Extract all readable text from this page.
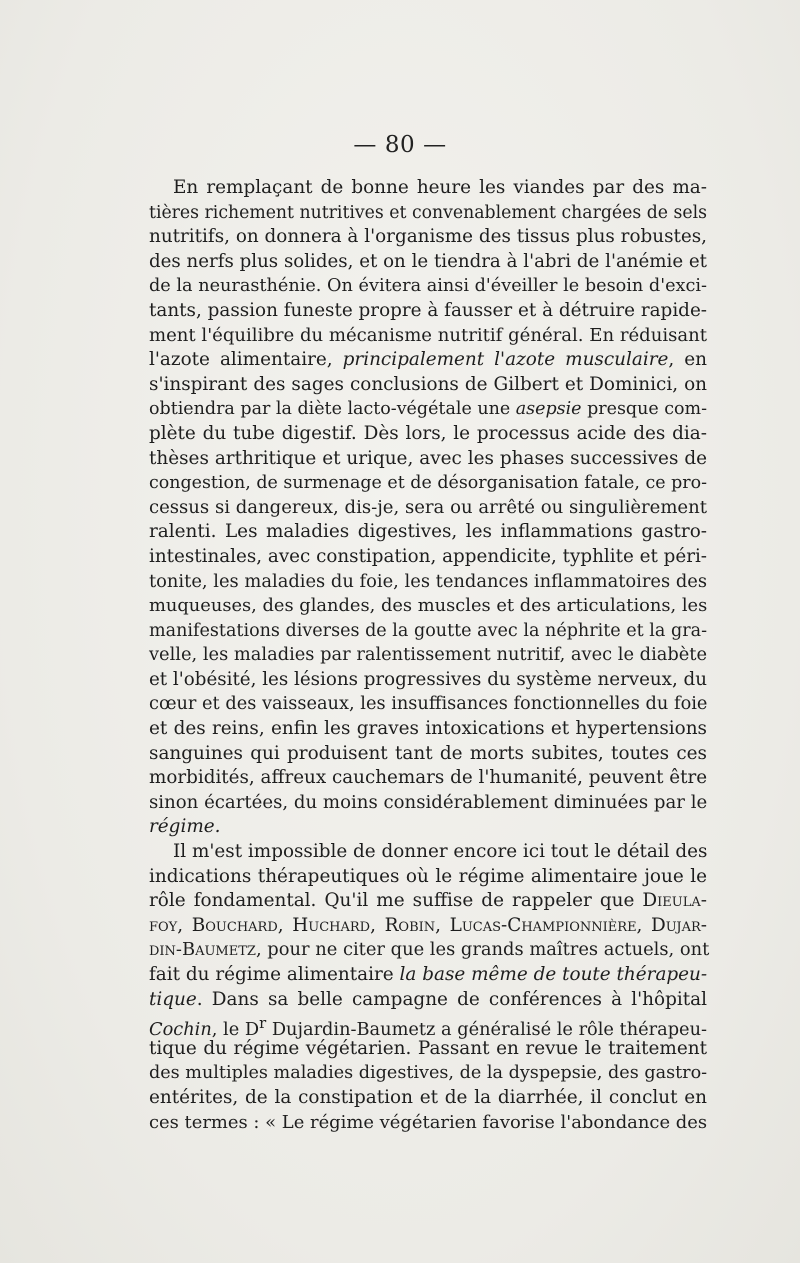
— 80 —
En remplaçant de bonne heure les viandes par des ma-
tières richement nutritives et convenablement chargées de sels
nutritifs, on donnera à l'organisme des tissus plus robustes,
des nerfs plus solides, et on le tiendra à l'abri de l'anémie et
de la neurasthénie. On évitera ainsi d'éveiller le besoin d'exci-
tants, passion funeste propre à fausser et à détruire rapide-
ment l'équilibre du mécanisme nutritif général. En réduisant
l'azote alimentaire, principalement l'azote musculaire, en
s'inspirant des sages conclusions de Gilbert et Dominici, on
obtiendra par la diète lacto-végétale une asepsie presque com-
plète du tube digestif. Dès lors, le processus acide des dia-
thèses arthritique et urique, avec les phases successives de
congestion, de surmenage et de désorganisation fatale, ce pro-
cessus si dangereux, dis-je, sera ou arrêté ou singulièrement
ralenti. Les maladies digestives, les inflammations gastro-
intestinales, avec constipation, appendicite, typhlite et péri-
tonite, les maladies du foie, les tendances inflammatoires des
muqueuses, des glandes, des muscles et des articulations, les
manifestations diverses de la goutte avec la néphrite et la gra-
velle, les maladies par ralentissement nutritif, avec le diabète
et l'obésité, les lésions progressives du système nerveux, du
cœur et des vaisseaux, les insuffisances fonctionnelles du foie
et des reins, enfin les graves intoxications et hypertensions
sanguines qui produisent tant de morts subites, toutes ces
morbidités, affreux cauchemars de l'humanité, peuvent être
sinon écartées, du moins considérablement diminuées par le
régime.
Il m'est impossible de donner encore ici tout le détail des
indications thérapeutiques où le régime alimentaire joue le
rôle fondamental. Qu'il me suffise de rappeler que Dieula-
foy, Bouchard, Huchard, Robin, Lucas-Championnière, Dujar-
din-Baumetz, pour ne citer que les grands maîtres actuels, ont
fait du régime alimentaire la base même de toute thérapeu-
tique. Dans sa belle campagne de conférences à l'hôpital
Cochin, le $D^r$ Dujardin-Baumetz a généralisé le rôle thérapeu-
tique du régime végétarien. Passant en revue le traitement
des multiples maladies digestives, de la dyspepsie, des gastro-
entérites, de la constipation et de la diarrhée, il conclut en
ces termes : « Le régime végétarien favorise l'abondance des
